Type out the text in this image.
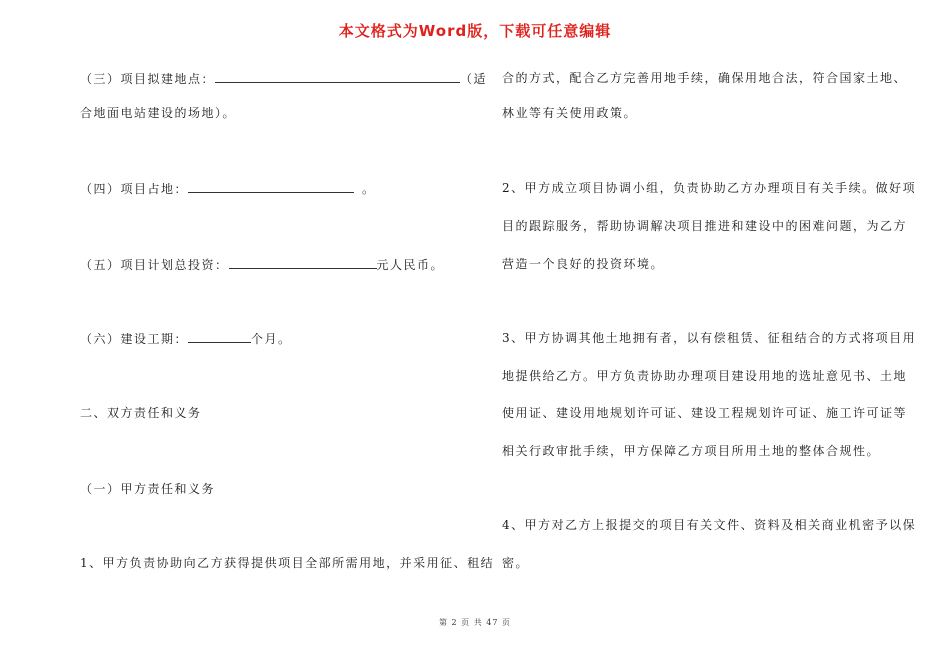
本文格式为Word版，下载可任意编辑
（三）项目拟建地点：	（适
合地面电站建设的场地）。
（四）项目占地：	。
（五）项目计划总投资：	元人民币。
（六）建设工期：	个月。
二、双方责任和义务
（一）甲方责任和义务
1、甲方负责协助向乙方获得提供项目全部所需用地，并采用征、租结
合的方式，配合乙方完善用地手续，确保用地合法，符合国家土地、
林业等有关使用政策。
2、甲方成立项目协调小组，负责协助乙方办理项目有关手续。做好项
目的跟踪服务，帮助协调解决项目推进和建设中的困难问题，为乙方
营造一个良好的投资环境。
3、甲方协调其他土地拥有者，以有偿租赁、征租结合的方式将项目用
地提供给乙方。甲方负责协助办理项目建设用地的选址意见书、土地
使用证、建设用地规划许可证、建设工程规划许可证、施工许可证等
相关行政审批手续，甲方保障乙方项目所用土地的整体合规性。
4、甲方对乙方上报提交的项目有关文件、资料及相关商业机密予以保
密。
第 2 页 共 47 页
